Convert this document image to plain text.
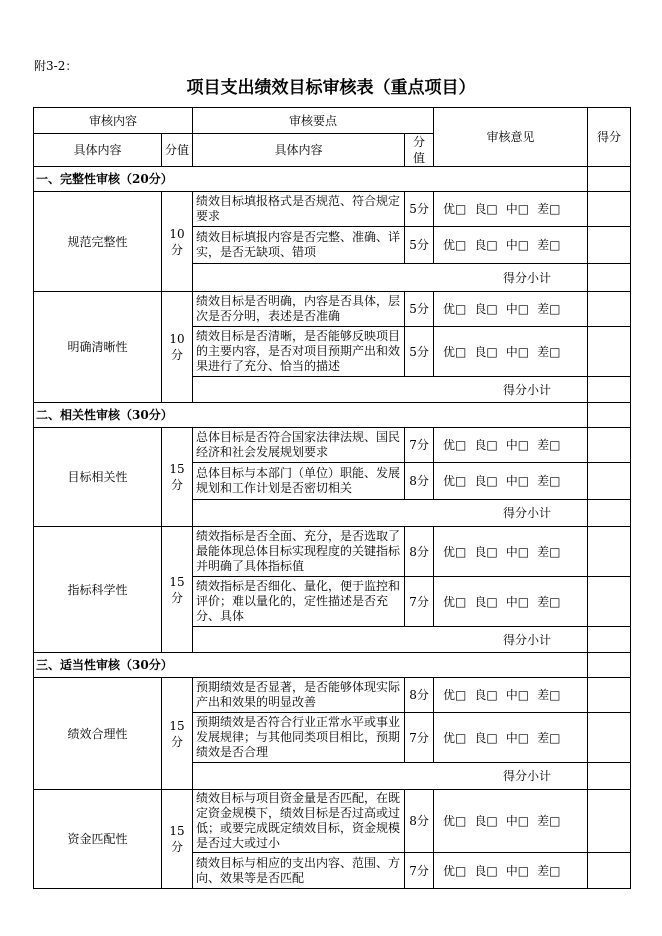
附3-2：
项目支出绩效目标审核表（重点项目）
审核内容		审核要点		审核意见	得分
具体内容	分值	具体内容	分值		
一、完整性审核（20分）					
规范完整性	10分	绩效目标填报格式是否规范、符合规定要求	5分	优□ 良□ 中□ 差□	
		绩效目标填报内容是否完整、准确、详实，是否无缺项、错项	5分	优□ 良□ 中□ 差□	
		得分小计			
明确清晰性	10分	绩效目标是否明确，内容是否具体，层次是否分明，表述是否准确	5分	优□ 良□ 中□ 差□	
		绩效目标是否清晰，是否能够反映项目的主要内容，是否对项目预期产出和效果进行了充分、恰当的描述	5分	优□ 良□ 中□ 差□	
		得分小计			
二、相关性审核（30分）					
目标相关性	15分	总体目标是否符合国家法律法规、国民经济和社会发展规划要求	7分	优□ 良□ 中□ 差□	
		总体目标与本部门（单位）职能、发展规划和工作计划是否密切相关	8分	优□ 良□ 中□ 差□	
		得分小计			
指标科学性	15分	绩效指标是否全面、充分，是否选取了最能体现总体目标实现程度的关键指标并明确了具体指标值	8分	优□ 良□ 中□ 差□	
		绩效指标是否细化、量化，便于监控和评价；难以量化的，定性描述是否充分、具体	7分	优□ 良□ 中□ 差□	
		得分小计			
三、适当性审核（30分）					
绩效合理性	15分	预期绩效是否显著，是否能够体现实际产出和效果的明显改善	8分	优□ 良□ 中□ 差□	
		预期绩效是否符合行业正常水平或事业发展规律；与其他同类项目相比，预期绩效是否合理	7分	优□ 良□ 中□ 差□	
		得分小计			
资金匹配性	15分	绩效目标与项目资金量是否匹配，在既定资金规模下，绩效目标是否过高或过低；或要完成既定绩效目标，资金规模是否过大或过小	8分	优□ 良□ 中□ 差□	
		绩效目标与相应的支出内容、范围、方向、效果等是否匹配	7分	优□ 良□ 中□ 差□	
